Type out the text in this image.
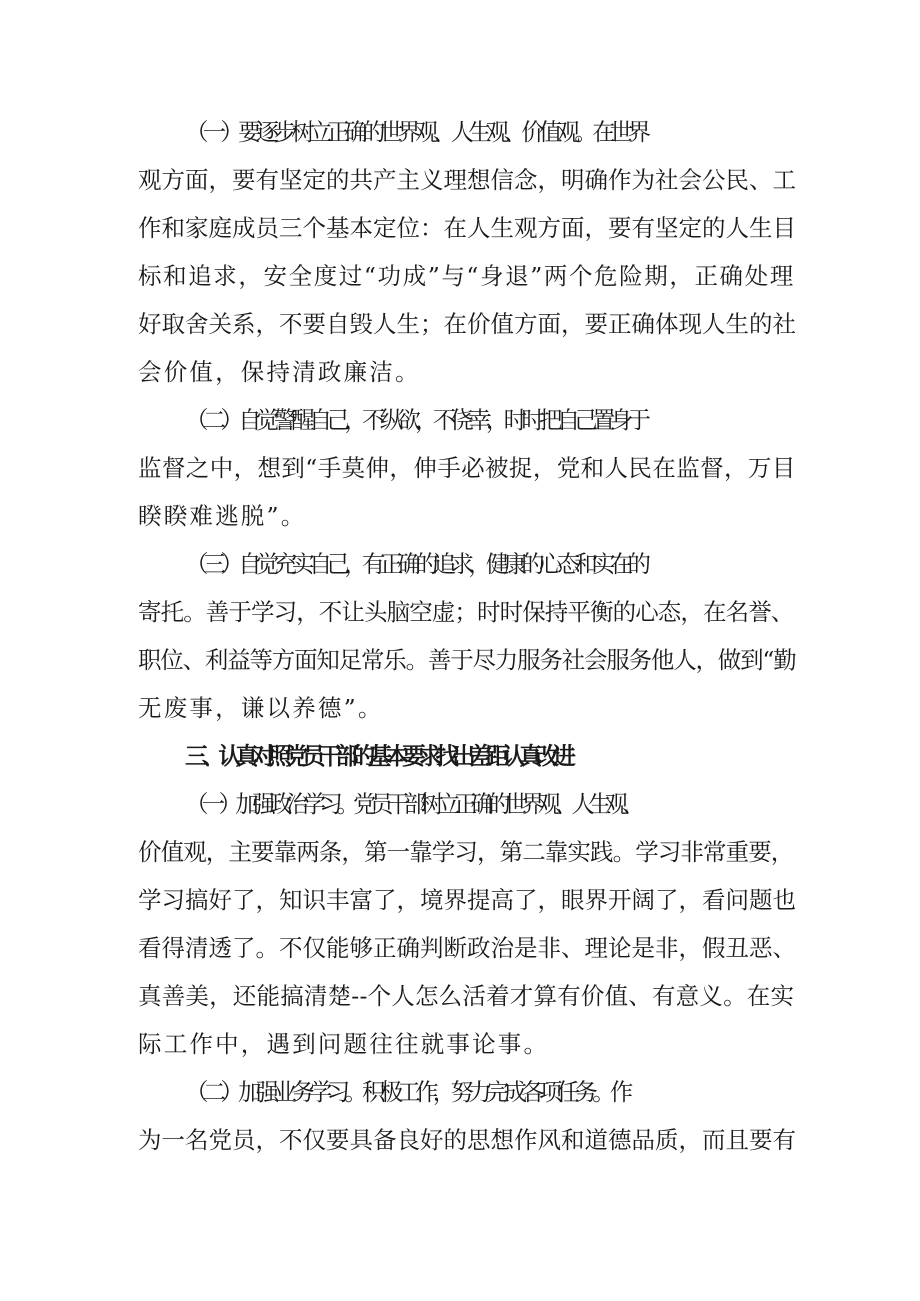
（一）要逐步树立正确的世界观、人生观、价值观。在世界
观方面，要有坚定的共产主义理想信念，明确作为社会公民、工
作和家庭成员三个基本定位：在人生观方面，要有坚定的人生目
标和追求，安全度过“功成”与“身退”两个危险期，正确处理
好取舍关系，不要自毁人生；在价值方面，要正确体现人生的社
会价值，保持清政廉洁。
（二）自觉警醒自己，不纵欲，不侥幸，时时把自己置身于
监督之中，想到“手莫伸，伸手必被捉，党和人民在监督，万目
睽睽难逃脱”。
（三）自觉充实自己，有正确的追求，健康的心态和实在的
寄托。善于学习，不让头脑空虚；时时保持平衡的心态，在名誉、
职位、利益等方面知足常乐。善于尽力服务社会服务他人，做到“勤
无废事，谦以养德”。
三、认真对照党员干部的基本要求找出差距认真改进
（一）加强政治学习。党员干部树立正确的世界观、人生观、
价值观，主要靠两条，第一靠学习，第二靠实践。学习非常重要，
学习搞好了，知识丰富了，境界提高了，眼界开阔了，看问题也
看得清透了。不仅能够正确判断政治是非、理论是非，假丑恶、
真善美，还能搞清楚--个人怎么活着才算有价值、有意义。在实
际工作中，遇到问题往往就事论事。
（二）加强业务学习。积极工作，努力完成各项任务。作
为一名党员，不仅要具备良好的思想作风和道德品质，而且要有
